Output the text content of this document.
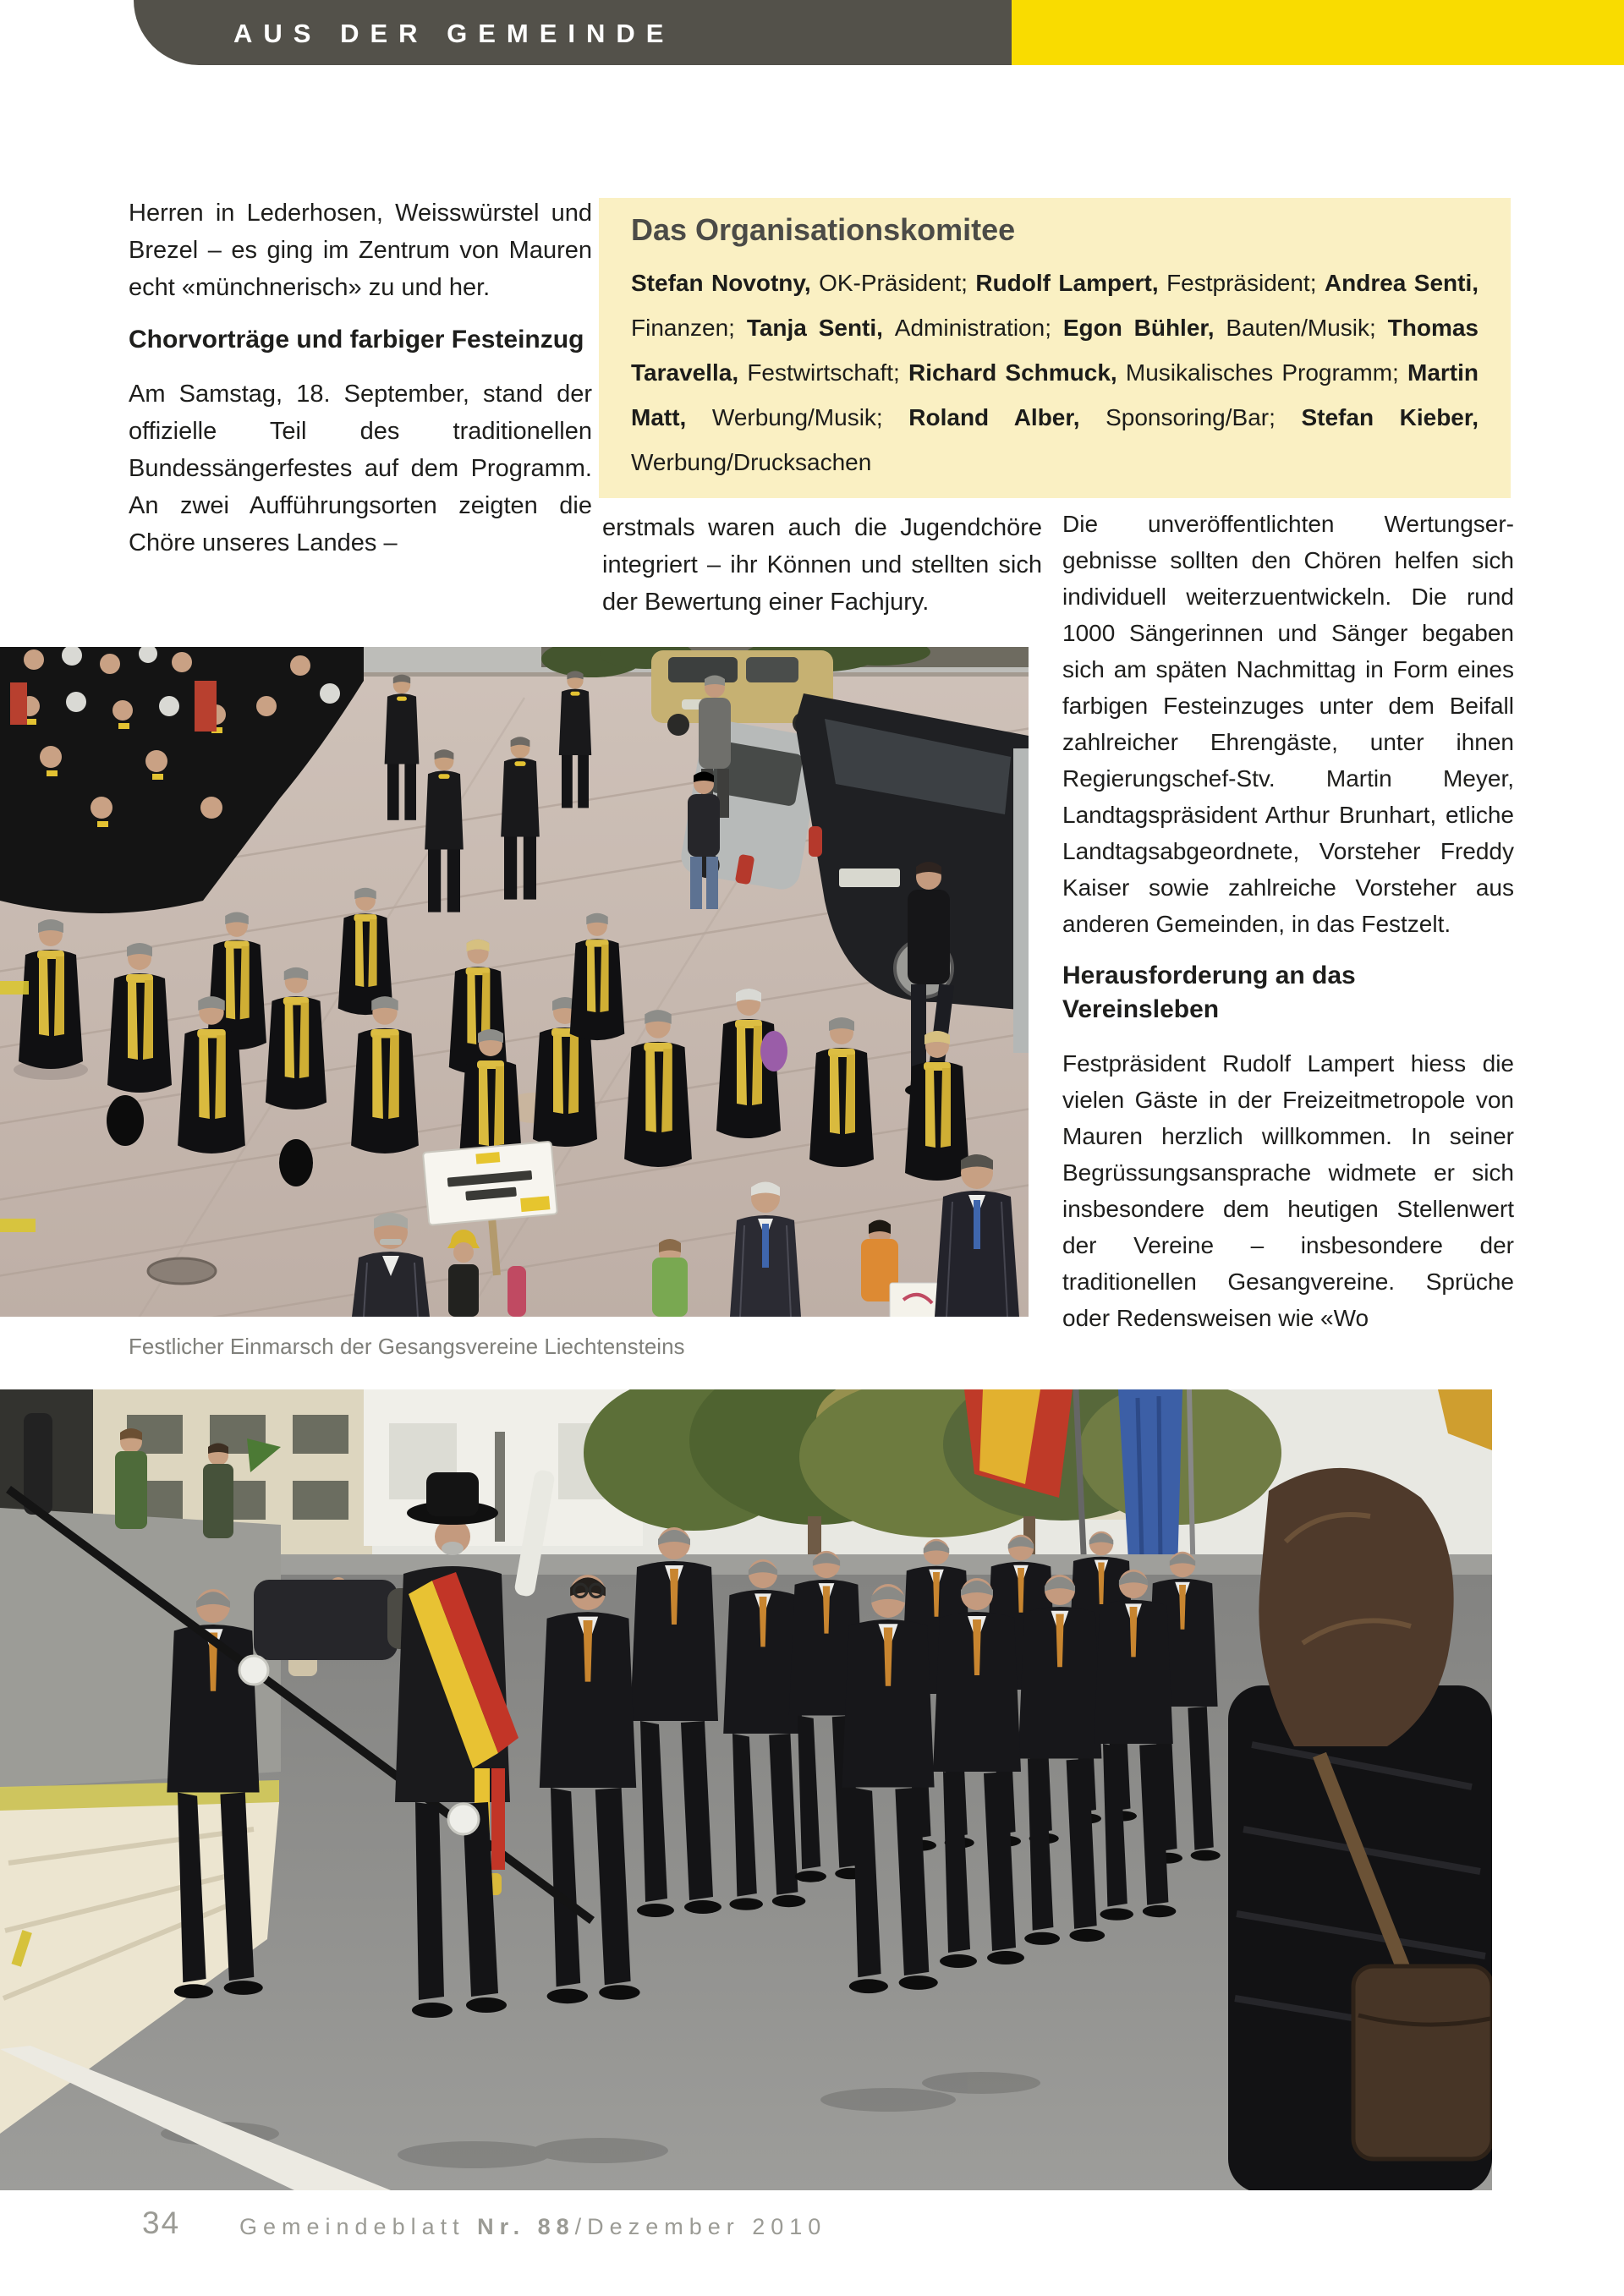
AUS DER GEMEINDE

Herren in Lederhosen, Weisswürstel und Brezel – es ging im Zentrum von Mauren echt «münchnerisch» zu und her.

Chorvorträge und farbiger Festeinzug

Am Samstag, 18. September, stand der offizielle Teil des traditionellen Bundessängerfestes auf dem Programm. An zwei Aufführungsorten zeigten die Chöre unseres Landes –

Das Organisationskomitee
Stefan Novotny, OK-Präsident; Rudolf Lampert, Festpräsident; Andrea Senti, Finanzen; Tanja Senti, Administration; Egon Bühler, Bauten/Musik; Thomas Taravella, Festwirtschaft; Richard Schmuck, Musikalisches Programm; Martin Matt, Werbung/Musik; Roland Alber, Sponsoring/Bar; Stefan Kieber, Werbung/Drucksachen

erstmals waren auch die Jugendchöre integriert – ihr Können und stellten sich der Bewertung einer Fachjury.

Die unveröffentlichten Wertungsergebnisse sollten den Chören helfen sich individuell weiterzuentwickeln. Die rund 1000 Sängerinnen und Sänger begaben sich am späten Nachmittag in Form eines farbigen Festeinzuges unter dem Beifall zahlreicher Ehrengäste, unter ihnen Regierungschef-Stv. Martin Meyer, Landtagspräsident Arthur Brunhart, etliche Landtagsabgeordnete, Vorsteher Freddy Kaiser sowie zahlreiche Vorsteher aus anderen Gemeinden, in das Festzelt.

Herausforderung an das Vereinsleben

Festpräsident Rudolf Lampert hiess die vielen Gäste in der Freizeitmetropole von Mauren herzlich willkommen. In seiner Begrüssungsansprache widmete er sich insbesondere dem heutigen Stellenwert der Vereine – insbesondere der traditionellen Gesangvereine. Sprüche oder Redensweisen wie «Wo

Festlicher Einmarsch der Gesangsvereine Liechtensteins
34	Gemeindeblatt Nr. 88/Dezember 2010
